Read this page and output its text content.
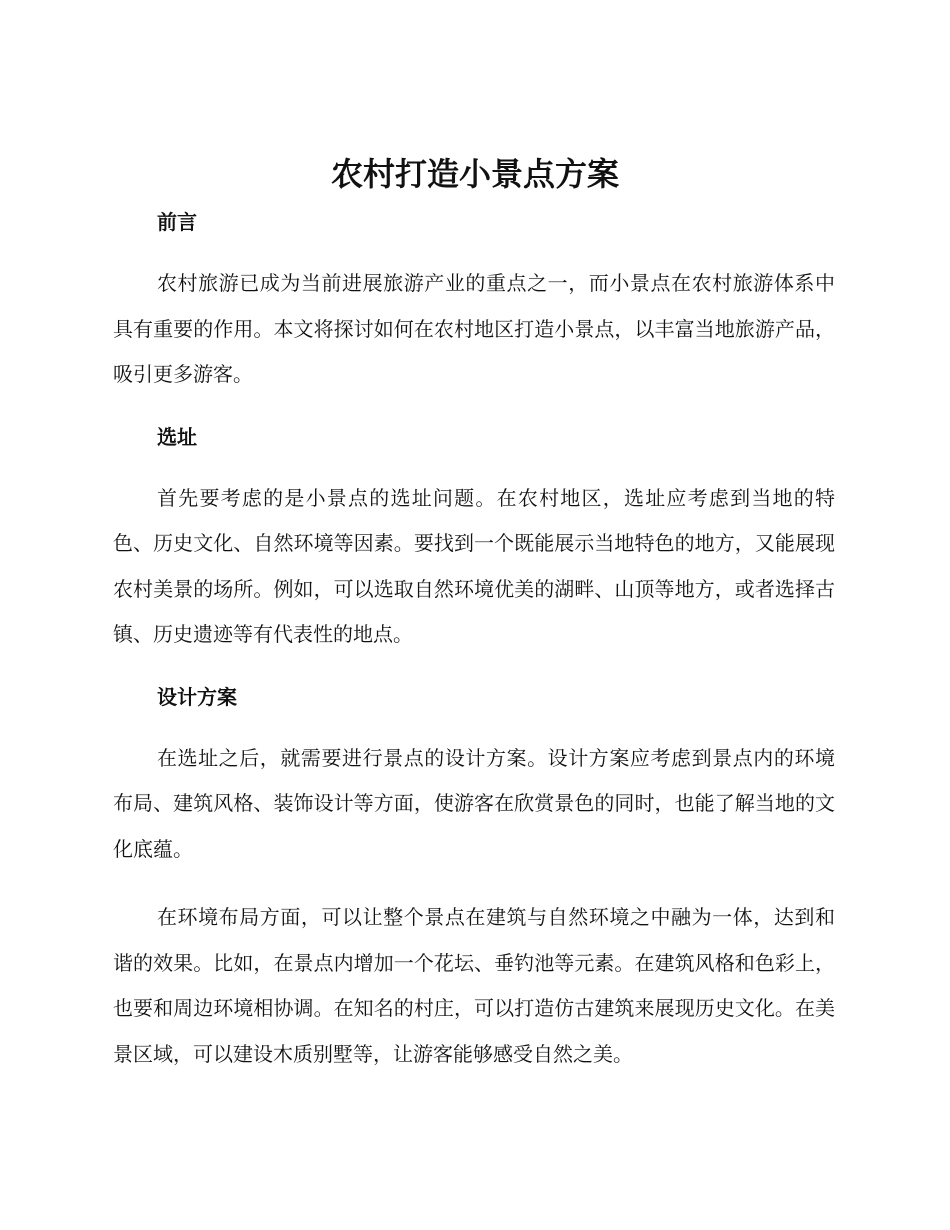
农村打造小景点方案
前言

农村旅游已成为当前进展旅游产业的重点之一，而小景点在农村旅游体系中具有重要的作用。本文将探讨如何在农村地区打造小景点，以丰富当地旅游产品，吸引更多游客。

选址

首先要考虑的是小景点的选址问题。在农村地区，选址应考虑到当地的特色、历史文化、自然环境等因素。要找到一个既能展示当地特色的地方，又能展现农村美景的场所。例如，可以选取自然环境优美的湖畔、山顶等地方，或者选择古镇、历史遗迹等有代表性的地点。

设计方案

在选址之后，就需要进行景点的设计方案。设计方案应考虑到景点内的环境布局、建筑风格、装饰设计等方面，使游客在欣赏景色的同时，也能了解当地的文化底蕴。

在环境布局方面，可以让整个景点在建筑与自然环境之中融为一体，达到和谐的效果。比如，在景点内增加一个花坛、垂钓池等元素。在建筑风格和色彩上，也要和周边环境相协调。在知名的村庄，可以打造仿古建筑来展现历史文化。在美景区域，可以建设木质别墅等，让游客能够感受自然之美。
